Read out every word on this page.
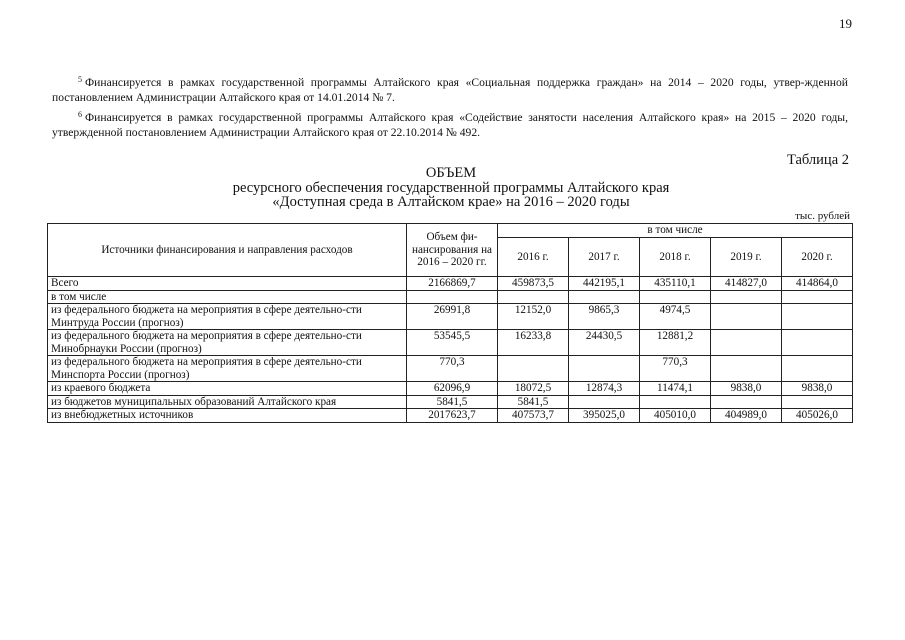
19

$^5$ Финансируется в рамках государственной программы Алтайского края «Социальная поддержка граждан» на 2014 – 2020 годы, утвер-жденной постановлением Администрации Алтайского края от 14.01.2014 № 7.

$^6$ Финансируется в рамках государственной программы Алтайского края «Содействие занятости населения Алтайского края» на 2015 – 2020 годы, утвержденной постановлением Администрации Алтайского края от 22.10.2014 № 492.

Таблица 2
ОБЪЕМ
ресурсного обеспечения государственной программы Алтайского края
«Доступная среда в Алтайском крае» на 2016 – 2020 годы
тыс. рублей
Источники финансирования и направления расходов	Объем фи-нансирования на 2016 – 2020 гг.	в том числе				
		2016 г.	2017 г.	2018 г.	2019 г.	2020 г.
Всего	2166869,7	459873,5	442195,1	435110,1	414827,0	414864,0
в том числе						
из федерального бюджета на мероприятия в сфере деятельно-сти Минтруда России (прогноз)	26991,8	12152,0	9865,3	4974,5		
из федерального бюджета на мероприятия в сфере деятельно-сти Минобрнауки России (прогноз)	53545,5	16233,8	24430,5	12881,2		
из федерального бюджета на мероприятия в сфере деятельно-сти Минспорта России (прогноз)	770,3			770,3		
из краевого бюджета	62096,9	18072,5	12874,3	11474,1	9838,0	9838,0
из бюджетов муниципальных образований Алтайского края	5841,5	5841,5				
из внебюджетных источников	2017623,7	407573,7	395025,0	405010,0	404989,0	405026,0
